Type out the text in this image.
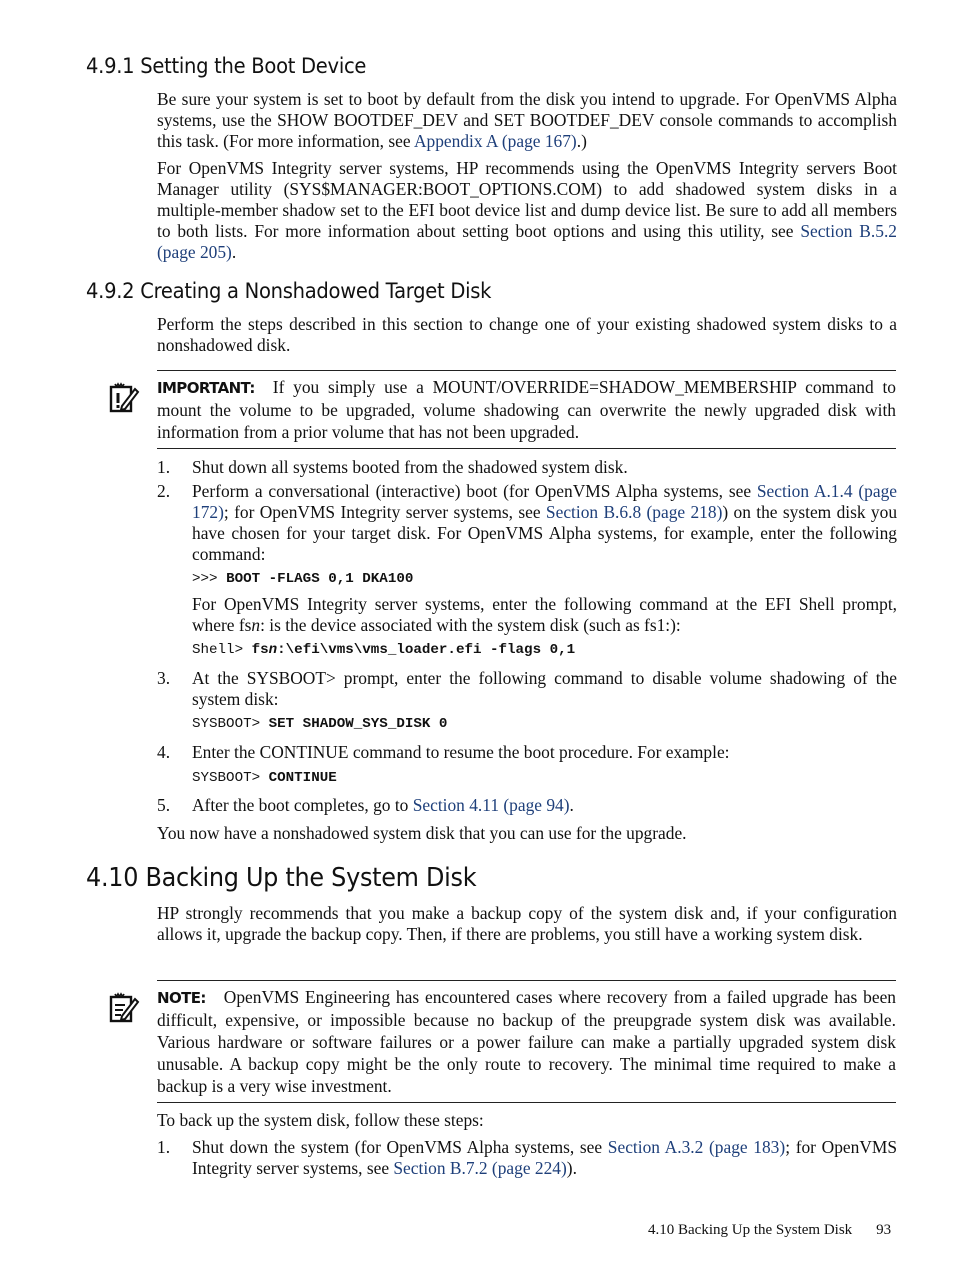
4.9.1 Setting the Boot Device

Be sure your system is set to boot by default from the disk you intend to upgrade. For OpenVMS Alpha systems, use the SHOW BOOTDEF_DEV and SET BOOTDEF_DEV console commands to accomplish this task. (For more information, see Appendix A (page 167).)

For OpenVMS Integrity server systems, HP recommends using the OpenVMS Integrity servers Boot Manager utility (SYS$MANAGER:BOOT_OPTIONS.COM) to add shadowed system disks in a multiple-member shadow set to the EFI boot device list and dump device list. Be sure to add all members to both lists. For more information about setting boot options and using this utility, see Section B.5.2 (page 205).

4.9.2 Creating a Nonshadowed Target Disk

Perform the steps described in this section to change one of your existing shadowed system disks to a nonshadowed disk.

IMPORTANT: If you simply use a MOUNT/OVERRIDE=SHADOW_MEMBERSHIP command to mount the volume to be upgraded, volume shadowing can overwrite the newly upgraded disk with information from a prior volume that has not been upgraded.
1. Shut down all systems booted from the shadowed system disk.
2. Perform a conversational (interactive) boot (for OpenVMS Alpha systems, see Section A.1.4 (page 172); for OpenVMS Integrity server systems, see Section B.6.8 (page 218)) on the system disk you have chosen for your target disk. For OpenVMS Alpha systems, for example, enter the following command:

>>> BOOT -FLAGS 0,1 DKA100

For OpenVMS Integrity server systems, enter the following command at the EFI Shell prompt, where fsn: is the device associated with the system disk (such as fs1:):

Shell> fsn:\efi\vms\vms_loader.efi -flags 0,1
3. At the SYSBOOT> prompt, enter the following command to disable volume shadowing of the system disk:

SYSBOOT> SET SHADOW_SYS_DISK 0
4. Enter the CONTINUE command to resume the boot procedure. For example:

SYSBOOT> CONTINUE
5. After the boot completes, go to Section 4.11 (page 94).

You now have a nonshadowed system disk that you can use for the upgrade.

4.10 Backing Up the System Disk

HP strongly recommends that you make a backup copy of the system disk and, if your configuration allows it, upgrade the backup copy. Then, if there are problems, you still have a working system disk.

NOTE: OpenVMS Engineering has encountered cases where recovery from a failed upgrade has been difficult, expensive, or impossible because no backup of the preupgrade system disk was available. Various hardware or software failures or a power failure can make a partially upgraded system disk unusable. A backup copy might be the only route to recovery. The minimal time required to make a backup is a very wise investment.

To back up the system disk, follow these steps:

1. Shut down the system (for OpenVMS Alpha systems, see Section A.3.2 (page 183); for OpenVMS Integrity server systems, see Section B.7.2 (page 224)).

4.10 Backing Up the System Disk 93
